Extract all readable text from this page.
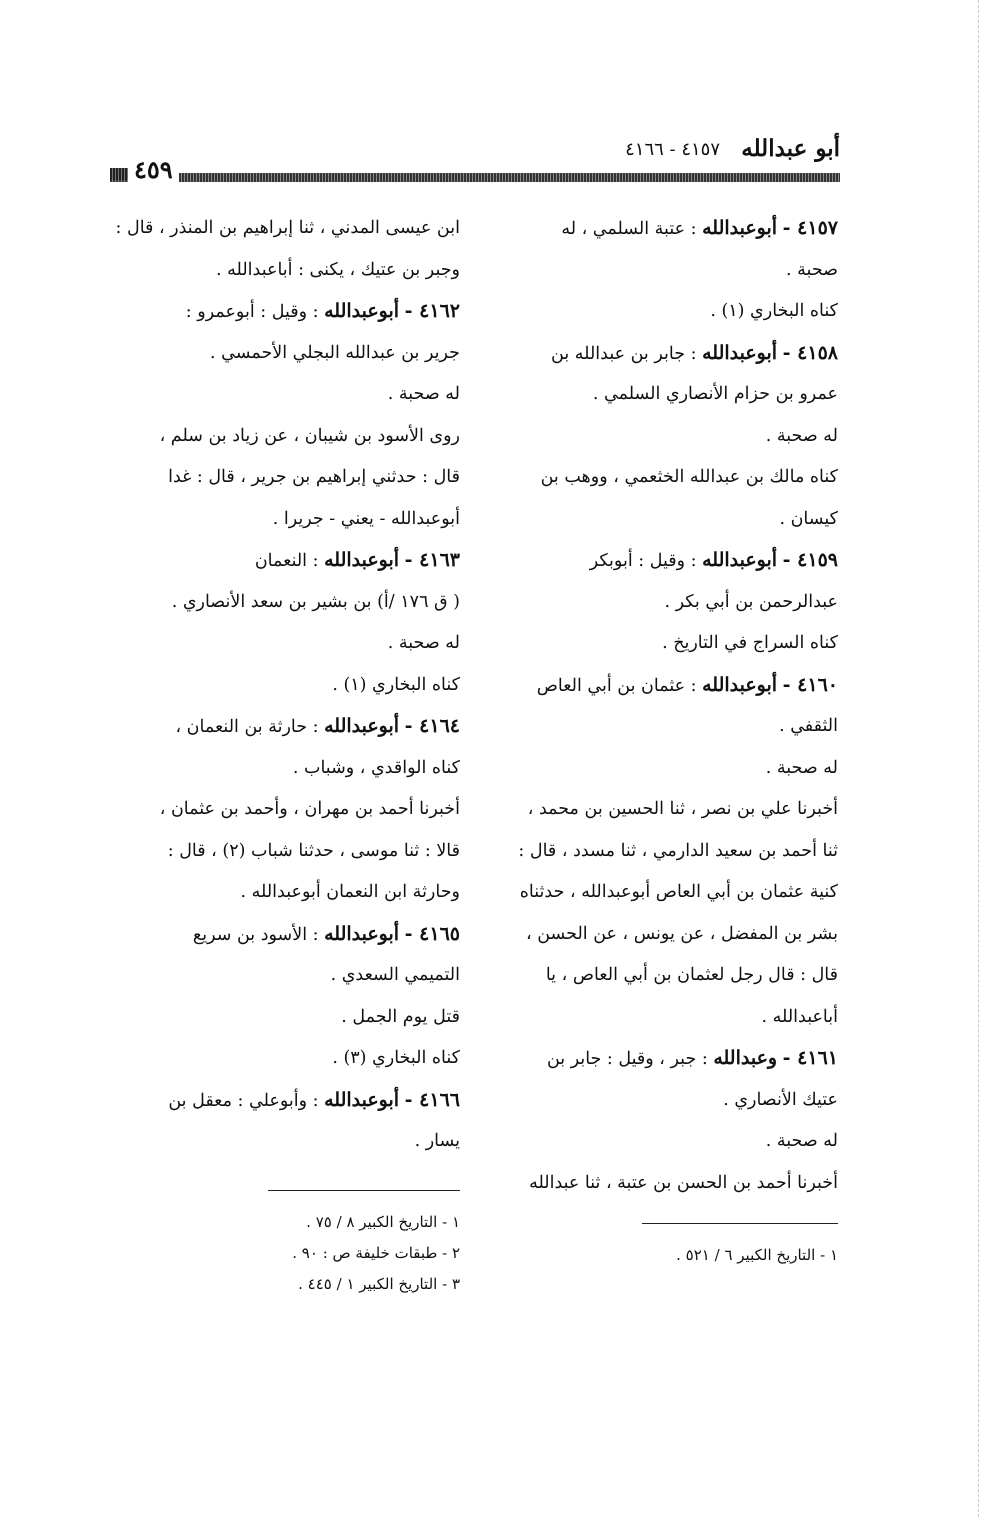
أبو عبدالله
٤١٥٧ - ٤١٦٦
٤٥٩
٤١٥٧ - أبوعبدالله : عتبة السلمي ، له
صحبة .
كناه البخاري (١) .
٤١٥٨ - أبوعبدالله : جابر بن عبدالله بن
عمرو بن حزام الأنصاري السلمي .
له صحبة .
كناه مالك بن عبدالله الخثعمي ، ووهب بن
كيسان .
٤١٥٩ - أبوعبدالله : وقيل : أبوبكر
عبدالرحمن بن أبي بكر .
كناه السراج في التاريخ .
٤١٦٠ - أبوعبدالله : عثمان بن أبي العاص
الثقفي .
له صحبة .
أخبرنا علي بن نصر ، ثنا الحسين بن محمد ،
ثنا أحمد بن سعيد الدارمي ، ثنا مسدد ، قال :
كنية عثمان بن أبي العاص أبوعبدالله ، حدثناه
بشر بن المفضل ، عن يونس ، عن الحسن ،
قال : قال رجل لعثمان بن أبي العاص ، يا
أباعبدالله .
٤١٦١ - وعبدالله : جبر ، وقيل : جابر بن
عتيك الأنصاري .
له صحبة .
أخبرنا أحمد بن الحسن بن عتبة ، ثنا عبدالله
ابن عيسى المدني ، ثنا إبراهيم بن المنذر ، قال :
وجبر بن عتيك ، يكنى : أباعبدالله .
٤١٦٢ - أبوعبدالله : وقيل : أبوعمرو :
جرير بن عبدالله البجلي الأحمسي .
له صحبة .
روى الأسود بن شيبان ، عن زياد بن سلم ،
قال : حدثني إبراهيم بن جرير ، قال : غدا
أبوعبدالله - يعني - جريرا .
٤١٦٣ - أبوعبدالله : النعمان
( ق ١٧٦ /أ) بن بشير بن سعد الأنصاري .
له صحبة .
كناه البخاري (١) .
٤١٦٤ - أبوعبدالله : حارثة بن النعمان ،
كناه الواقدي ، وشباب .
أخبرنا أحمد بن مهران ، وأحمد بن عثمان ،
قالا : ثنا موسى ، حدثنا شباب (٢) ، قال :
وحارثة ابن النعمان أبوعبدالله .
٤١٦٥ - أبوعبدالله : الأسود بن سريع
التميمي السعدي .
قتل يوم الجمل .
كناه البخاري (٣) .
٤١٦٦ - أبوعبدالله : وأبوعلي : معقل بن
يسار .
١ - التاريخ الكبير ٦ / ٥٢١ .
١ - التاريخ الكبير ٨ / ٧٥ .
٢ - طبقات خليفة ص : ٩٠ .
٣ - التاريخ الكبير ١ / ٤٤٥ .
